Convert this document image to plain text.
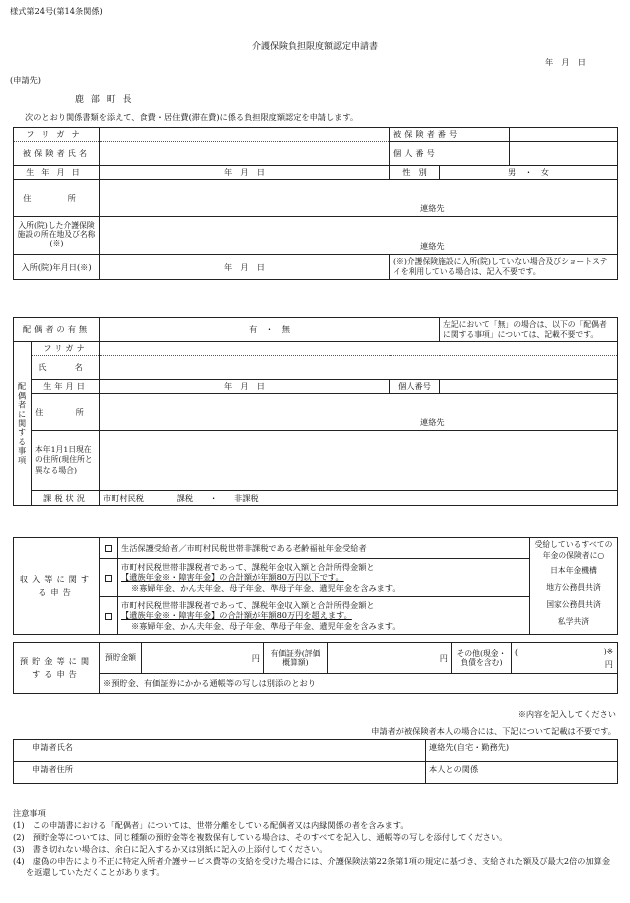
様式第24号(第14条関係)
介護保険負担限度額認定申請書
年　月　日
(申請先)
鹿 部 町 長
次のとおり関係書類を添えて、食費・居住費(滞在費)に係る負担限度額認定を申請します。
フリガナ		被保険者番号		

被保険者氏名		個人番号		

生年月日	年　月　日	性　別	男　・　女	
住　所				
	連絡先			
入所(院)した介護保険施設の所在地及び名称(※)				
	連絡先			
入所(院)年月日(※)	年　月　日	(※)介護保険施設に入所(院)していない場合及びショートステイを利用している場合は、記入不要です。		
配偶者の有無		有　・　無		左記において「無」の場合は、以下の「配偶者に関する事項」については、記載不要です。

配偶者に関する事項	フリガナ			
	氏　名			
	生年月日	年　月　日	個人番号	

	住　所			
		連絡先		
	本年1月1日現在の住所(現住所と異なる場合)			
	課税状況	市町村民税　　　　課税　　・　　非課税		
収入等に関する申告		生活保護受給者／市町村民税世帯非課税である老齢福祉年金受給者	受給しているすべての年金の保険者に○
日本年金機構
地方公務員共済
国家公務員共済
私学共済

		市町村民税世帯非課税者であって、課税年金収入額と合計所得金額と
【遺族年金※・障害年金】の合計額が年額80万円以下です。
※寡婦年金、かん夫年金、母子年金、準母子年金、遺児年金を含みます。	

		市町村民税世帯非課税者であって、課税年金収入額と合計所得金額と
【遺族年金※・障害年金】の合計額が年額80万円を超えます。
※寡婦年金、かん夫年金、母子年金、準母子年金、遺児年金を含みます。	
預貯金等に関する申告	預貯金額	円	有価証券(評価概算額)	円	その他(現金・負債を含む)	
(	)※
円

※預貯金、有価証券にかかる通帳等の写しは別添のとおり
※内容を記入してください
申請者が被保険者本人の場合には、下記について記載は不要です。
申請者氏名	連絡先(自宅・勤務先)
申請者住所	本人との関係
注意事項
(1)　この申請書における「配偶者」については、世帯分離をしている配偶者又は内縁関係の者を含みます。
(2)　預貯金等については、同じ種類の預貯金等を複数保有している場合は、そのすべてを記入し、通帳等の写しを添付してください。
(3)　書き切れない場合は、余白に記入するか又は別紙に記入の上添付してください。
(4)　虚偽の申告により不正に特定入所者介護サービス費等の支給を受けた場合には、介護保険法第22条第1項の規定に基づき、支給された額及び最大2倍の加算金を返還していただくことがあります。
